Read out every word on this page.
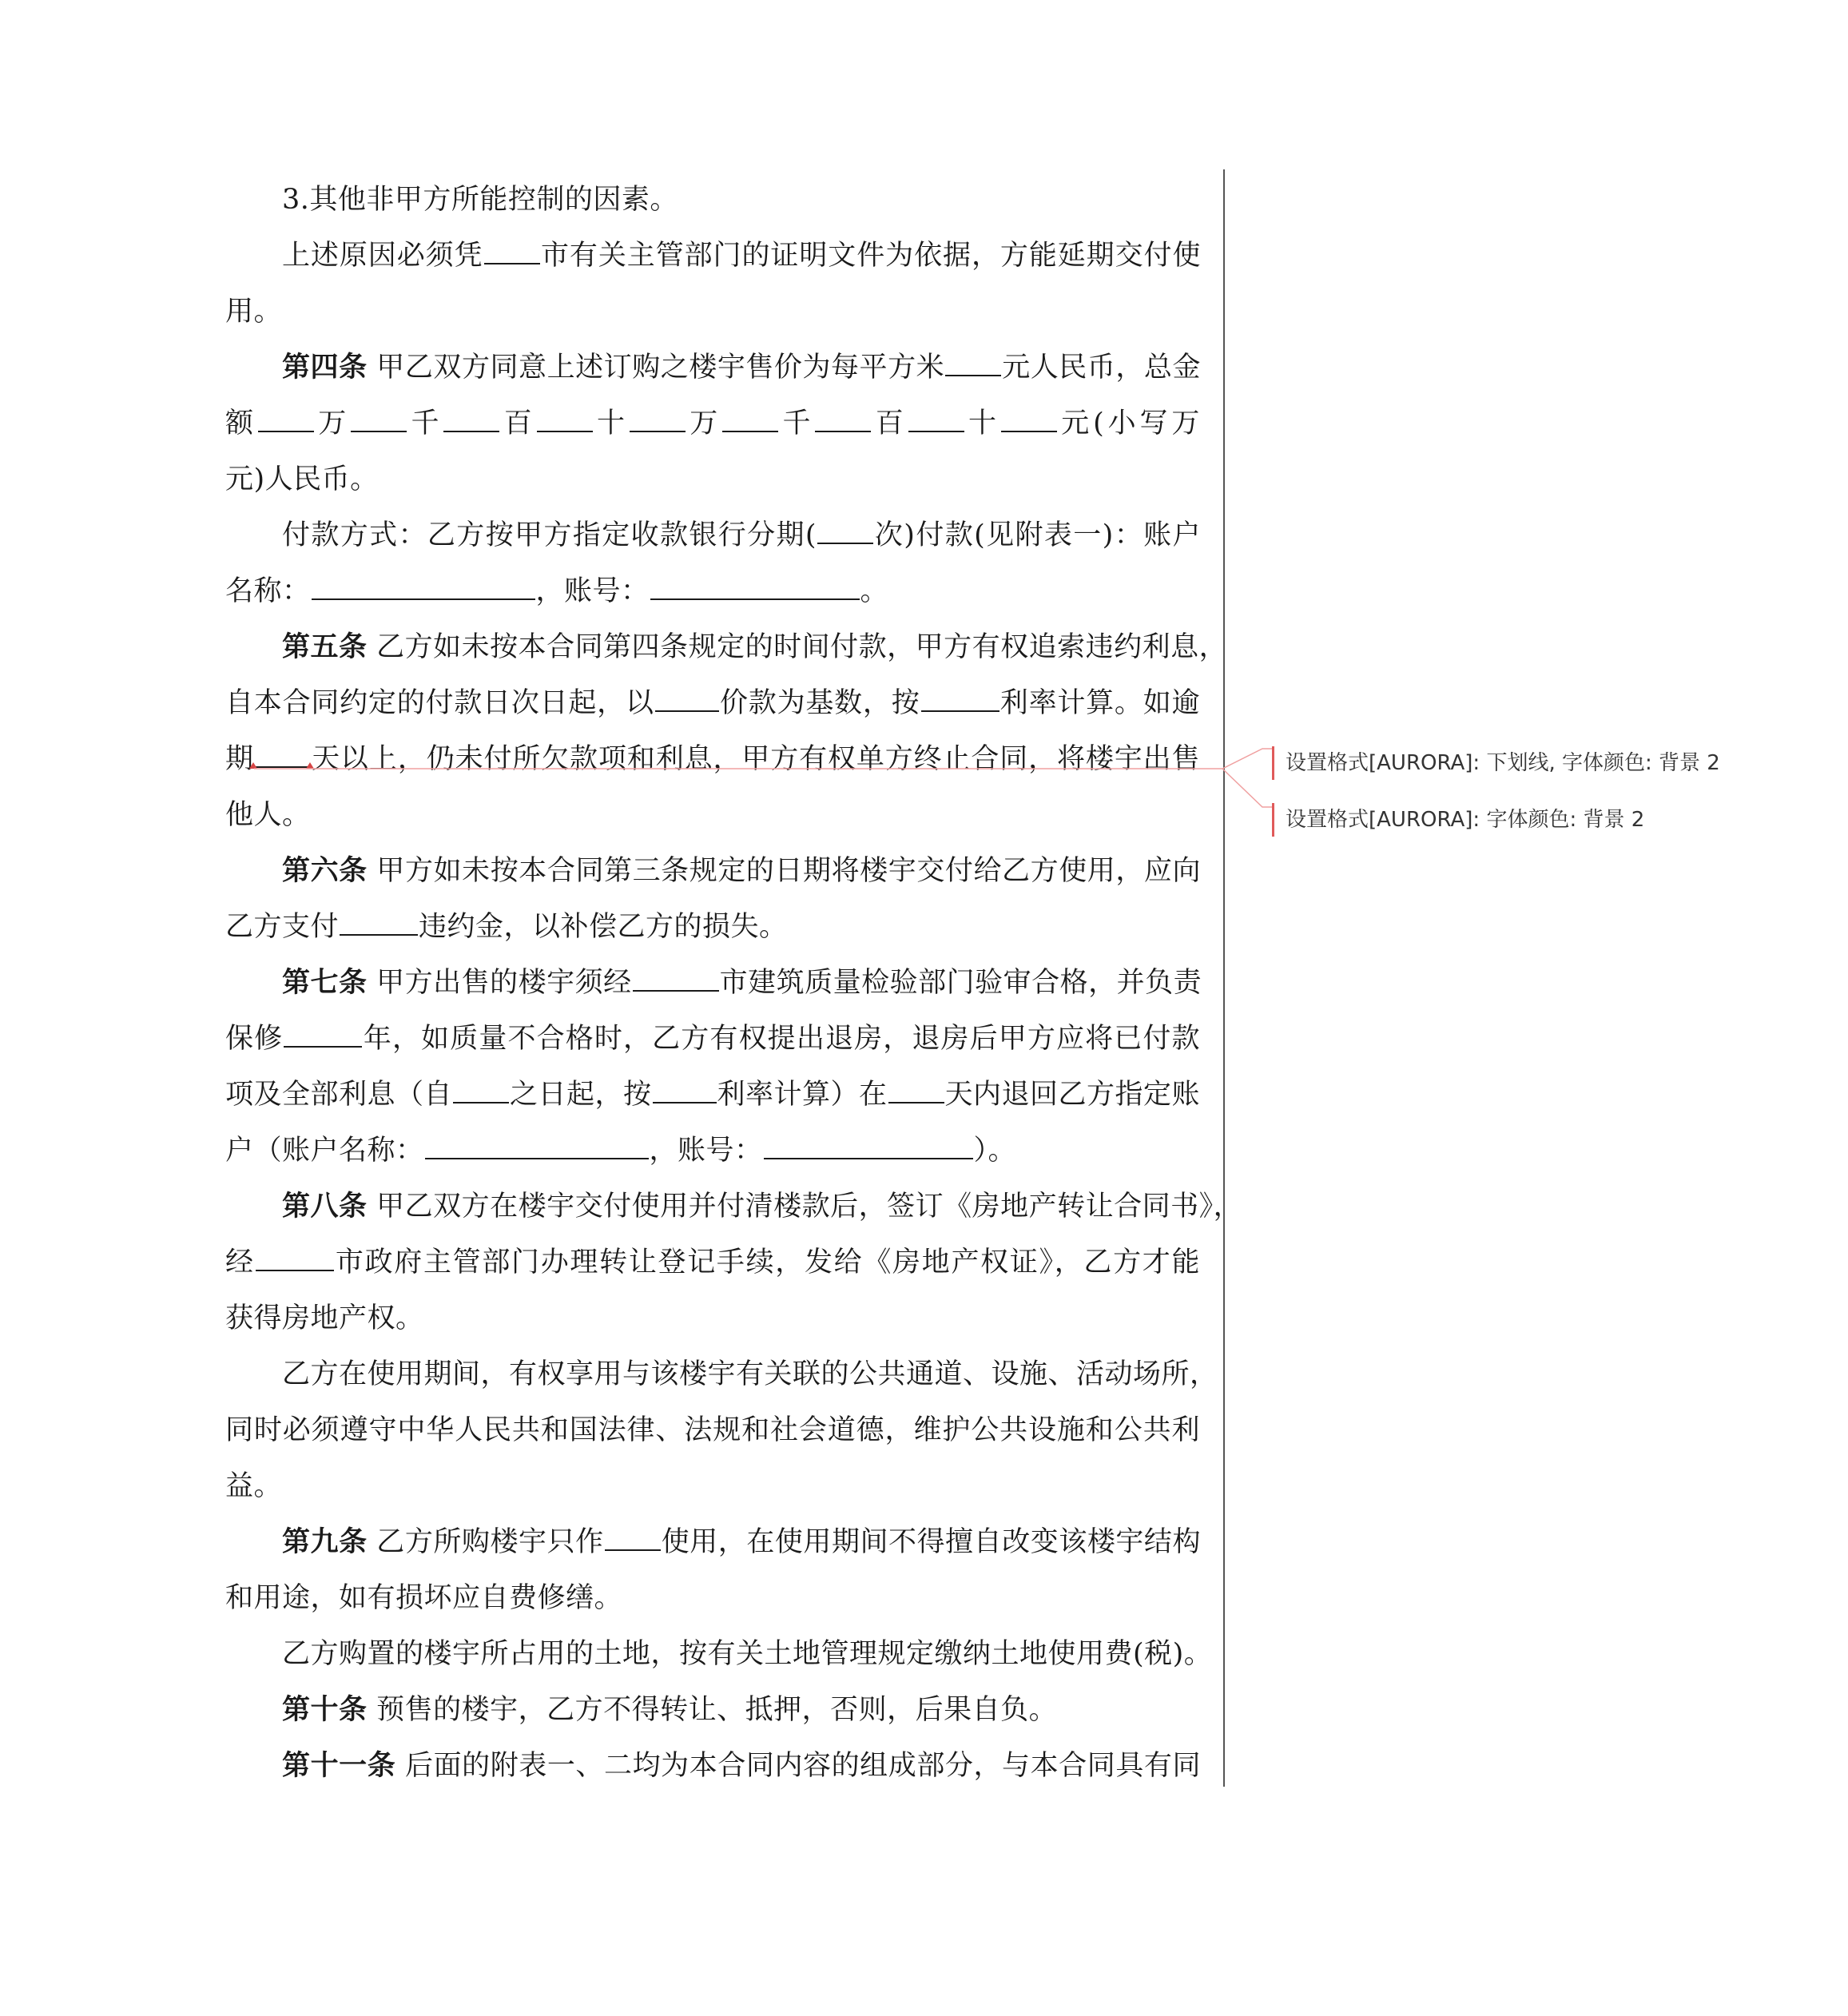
3.其他非甲方所能控制的因素。
上述原因必须凭 市有关主管部门的证明文件为依据，方能延期交付使
用。
第四条 甲乙双方同意上述订购之楼宇售价为每平方米 元人民币，总金
额 万 千 百 十 万 千 百 十 元(小写万
元)人民币。
付款方式：乙方按甲方指定收款银行分期( 次)付款(见附表一)：账户
名称：	，账号：	。
第五条 乙方如未按本合同第四条规定的时间付款，甲方有权追索违约利息，
自本合同约定的付款日次日起，以 价款为基数，按	利率计算。如逾
期 天以上，仍未付所欠款项和利息，甲方有权单方终止合同，将楼宇出售
他人。
第六条 甲方如未按本合同第三条规定的日期将楼宇交付给乙方使用，应向
乙方支付	违约金，以补偿乙方的损失。
第七条 甲方出售的楼宇须经	市建筑质量检验部门验审合格，并负责
保修	年，如质量不合格时，乙方有权提出退房，退房后甲方应将已付款
项及全部利息（自 之日起，按 利率计算）在 天内退回乙方指定账
户（账户名称：	，账号：	）。
第八条 甲乙双方在楼宇交付使用并付清楼款后，签订《房地产转让合同书》，
经	市政府主管部门办理转让登记手续，发给《房地产权证》，乙方才能
获得房地产权。
乙方在使用期间，有权享用与该楼宇有关联的公共通道、设施、活动场所，
同时必须遵守中华人民共和国法律、法规和社会道德，维护公共设施和公共利
益。
第九条 乙方所购楼宇只作 使用，在使用期间不得擅自改变该楼宇结构
和用途，如有损坏应自费修缮。
乙方购置的楼宇所占用的土地，按有关土地管理规定缴纳土地使用费(税)。
第十条 预售的楼宇，乙方不得转让、抵押，否则，后果自负。
第十一条 后面的附表一、二均为本合同内容的组成部分，与本合同具有同
设置格式[AURORA]: 下划线, 字体颜色: 背景 2
设置格式[AURORA]: 字体颜色: 背景 2
